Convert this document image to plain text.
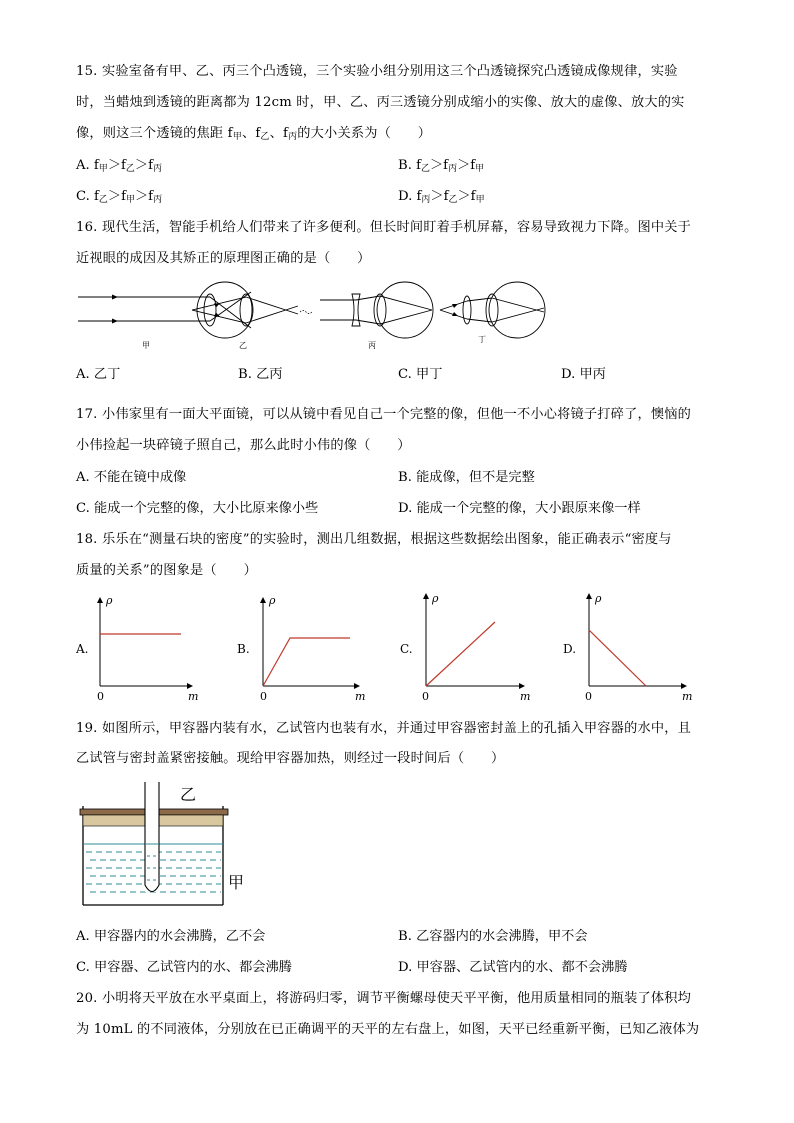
15. 实验室备有甲、乙、丙三个凸透镜，三个实验小组分别用这三个凸透镜探究凸透镜成像规律，实验
时，当蜡烛到透镜的距离都为 12cm 时，甲、乙、丙三透镜分别成缩小的实像、放大的虚像、放大的实
像，则这三个透镜的焦距 $f_甲$、$f_乙$、$f_丙$的大小关系为（　　）
A. $f_甲>f_乙>f_丙$	B. $f_乙>f_丙>f_甲$
C. $f_乙>f_甲>f_丙$	D. $f_丙>f_乙>f_甲$
16. 现代生活，智能手机给人们带来了许多便利。但长时间盯着手机屏幕，容易导致视力下降。图中关于
近视眼的成因及其矫正的原理图正确的是（　　）
甲	乙	丙
丁
A. 乙丁	B. 乙丙	C. 甲丁	D. 甲丙
17. 小伟家里有一面大平面镜，可以从镜中看见自己一个完整的像，但他一不小心将镜子打碎了，懊恼的
小伟捡起一块碎镜子照自己，那么此时小伟的像（　　）
A. 不能在镜中成像	B. 能成像，但不是完整
C. 能成一个完整的像，大小比原来像小些	D. 能成一个完整的像，大小跟原来像一样
18. 乐乐在“测量石块的密度”的实验时，测出几组数据，根据这些数据绘出图象，能正确表示“密度与
质量的关系”的图象是（　　）
A.
ρ
m
0
B.
ρ
m
0
C.
ρ
m
0
D.
ρ
m
0
19. 如图所示，甲容器内装有水，乙试管内也装有水，并通过甲容器密封盖上的孔插入甲容器的水中，且
乙试管与密封盖紧密接触。现给甲容器加热，则经过一段时间后（　　）
乙
甲
A. 甲容器内的水会沸腾，乙不会	B. 乙容器内的水会沸腾，甲不会
C. 甲容器、乙试管内的水、都会沸腾	D. 甲容器、乙试管内的水、都不会沸腾
20. 小明将天平放在水平桌面上，将游码归零，调节平衡螺母使天平平衡，他用质量相同的瓶装了体积均
为 10mL 的不同液体，分别放在已正确调平的天平的左右盘上，如图，天平已经重新平衡，已知乙液体为
